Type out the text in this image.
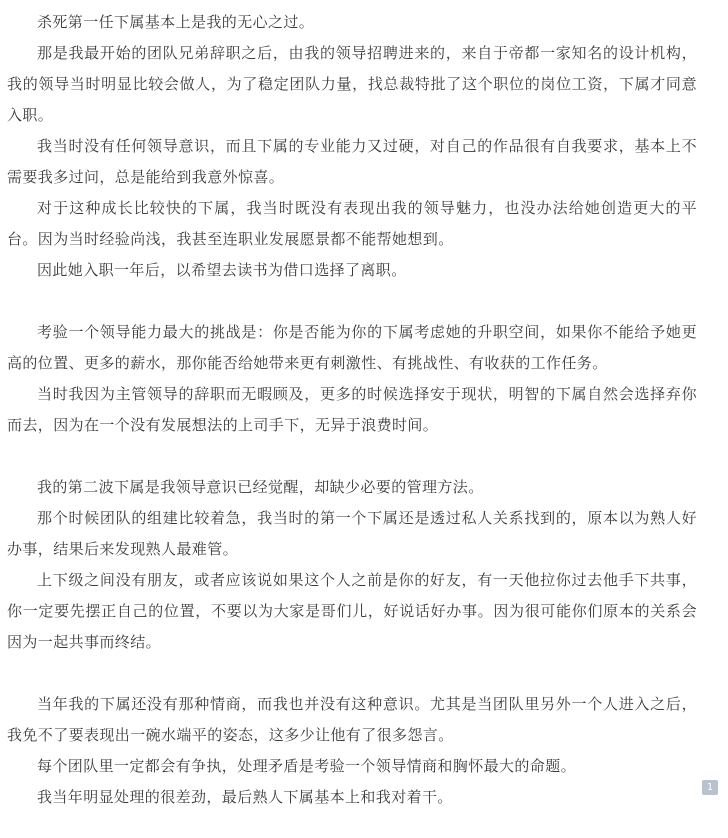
杀死第一任下属基本上是我的无心之过。

那是我最开始的团队兄弟辞职之后，由我的领导招聘进来的，来自于帝都一家知名的设计机构，我的领导当时明显比较会做人，为了稳定团队力量，找总裁特批了这个职位的岗位工资，下属才同意入职。

我当时没有任何领导意识，而且下属的专业能力又过硬，对自己的作品很有自我要求，基本上不需要我多过问，总是能给到我意外惊喜。

对于这种成长比较快的下属，我当时既没有表现出我的领导魅力，也没办法给她创造更大的平台。因为当时经验尚浅，我甚至连职业发展愿景都不能帮她想到。

因此她入职一年后，以希望去读书为借口选择了离职。

考验一个领导能力最大的挑战是：你是否能为你的下属考虑她的升职空间，如果你不能给予她更高的位置、更多的薪水，那你能否给她带来更有刺激性、有挑战性、有收获的工作任务。

当时我因为主管领导的辞职而无暇顾及，更多的时候选择安于现状，明智的下属自然会选择弃你而去，因为在一个没有发展想法的上司手下，无异于浪费时间。

我的第二波下属是我领导意识已经觉醒，却缺少必要的管理方法。

那个时候团队的组建比较着急，我当时的第一个下属还是透过私人关系找到的，原本以为熟人好办事，结果后来发现熟人最难管。

上下级之间没有朋友，或者应该说如果这个人之前是你的好友，有一天他拉你过去他手下共事，你一定要先摆正自己的位置，不要以为大家是哥们儿，好说话好办事。因为很可能你们原本的关系会因为一起共事而终结。

当年我的下属还没有那种情商，而我也并没有这种意识。尤其是当团队里另外一个人进入之后，我免不了要表现出一碗水端平的姿态，这多少让他有了很多怨言。

每个团队里一定都会有争执，处理矛盾是考验一个领导情商和胸怀最大的命题。

我当年明显处理的很差劲，最后熟人下属基本上和我对着干。

1
